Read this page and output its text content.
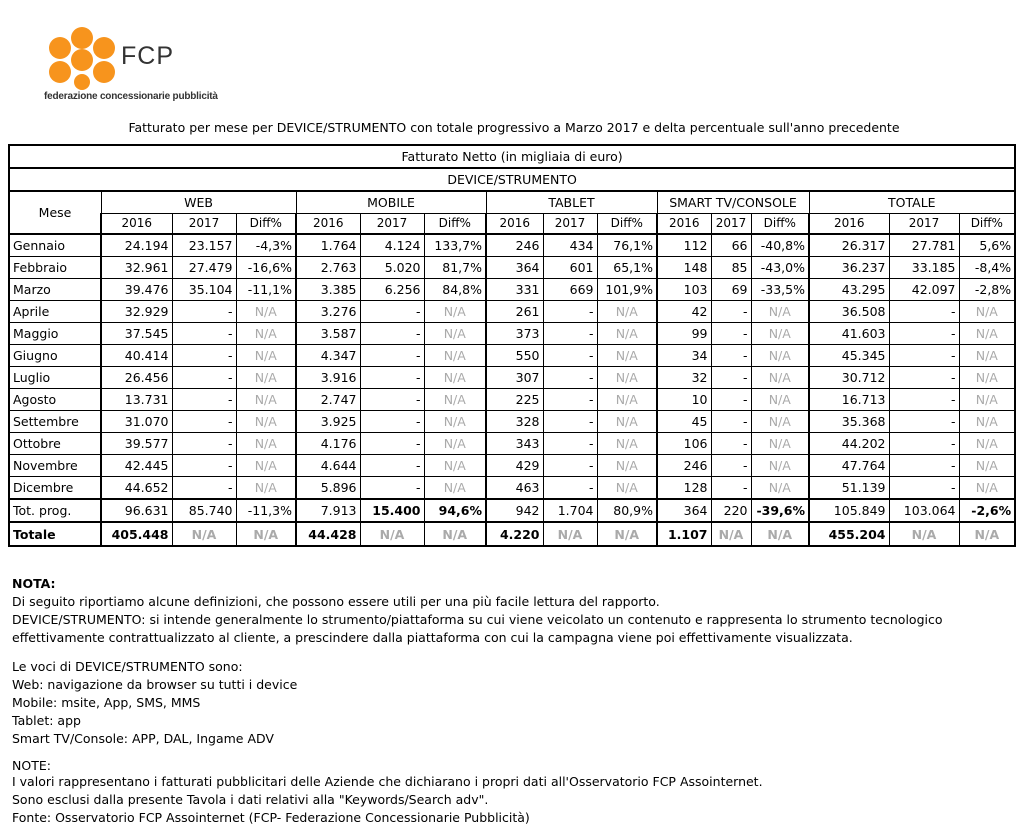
FCP
federazione concessionarie pubblicità
Fatturato per mese per DEVICE/STRUMENTO con totale progressivo a Marzo 2017 e delta percentuale sull'anno precedente
Fatturato Netto (in migliaia di euro)															
DEVICE/STRUMENTO															
Mese	WEB			MOBILE			TABLET			SMART TV/CONSOLE			TOTALE		
	2016	2017	Diff%	2016	2017	Diff%	2016	2017	Diff%	2016	2017	Diff%	2016	2017	Diff%
Gennaio	24.194	23.157	-4,3%	1.764	4.124	133,7%	246	434	76,1%	112	66	-40,8%	26.317	27.781	5,6%
Febbraio	32.961	27.479	-16,6%	2.763	5.020	81,7%	364	601	65,1%	148	85	-43,0%	36.237	33.185	-8,4%
Marzo	39.476	35.104	-11,1%	3.385	6.256	84,8%	331	669	101,9%	103	69	-33,5%	43.295	42.097	-2,8%
Aprile	32.929	-	N/A	3.276	-	N/A	261	-	N/A	42	-	N/A	36.508	-	N/A
Maggio	37.545	-	N/A	3.587	-	N/A	373	-	N/A	99	-	N/A	41.603	-	N/A
Giugno	40.414	-	N/A	4.347	-	N/A	550	-	N/A	34	-	N/A	45.345	-	N/A
Luglio	26.456	-	N/A	3.916	-	N/A	307	-	N/A	32	-	N/A	30.712	-	N/A
Agosto	13.731	-	N/A	2.747	-	N/A	225	-	N/A	10	-	N/A	16.713	-	N/A
Settembre	31.070	-	N/A	3.925	-	N/A	328	-	N/A	45	-	N/A	35.368	-	N/A
Ottobre	39.577	-	N/A	4.176	-	N/A	343	-	N/A	106	-	N/A	44.202	-	N/A
Novembre	42.445	-	N/A	4.644	-	N/A	429	-	N/A	246	-	N/A	47.764	-	N/A
Dicembre	44.652	-	N/A	5.896	-	N/A	463	-	N/A	128	-	N/A	51.139	-	N/A
Tot. prog.	96.631	85.740	-11,3%	7.913	15.400	94,6%	942	1.704	80,9%	364	220	-39,6%	105.849	103.064	-2,6%
Totale	405.448	N/A	N/A	44.428	N/A	N/A	4.220	N/A	N/A	1.107	N/A	N/A	455.204	N/A	N/A

NOTA:

Di seguito riportiamo alcune definizioni, che possono essere utili per una più facile lettura del rapporto.

DEVICE/STRUMENTO: si intende generalmente lo strumento/piattaforma su cui viene veicolato un contenuto e rappresenta lo strumento tecnologico

effettivamente contrattualizzato al cliente, a prescindere dalla piattaforma con cui la campagna viene poi effettivamente visualizzata.

Le voci di DEVICE/STRUMENTO sono:

Web: navigazione da browser su tutti i device

Mobile: msite, App, SMS, MMS

Tablet: app

Smart TV/Console: APP, DAL, Ingame ADV

NOTE:

I valori rappresentano i fatturati pubblicitari delle Aziende che dichiarano i propri dati all'Osservatorio FCP Assointernet.

Sono esclusi dalla presente Tavola i dati relativi alla "Keywords/Search adv".

Fonte: Osservatorio FCP Assointernet (FCP- Federazione Concessionarie Pubblicità)
